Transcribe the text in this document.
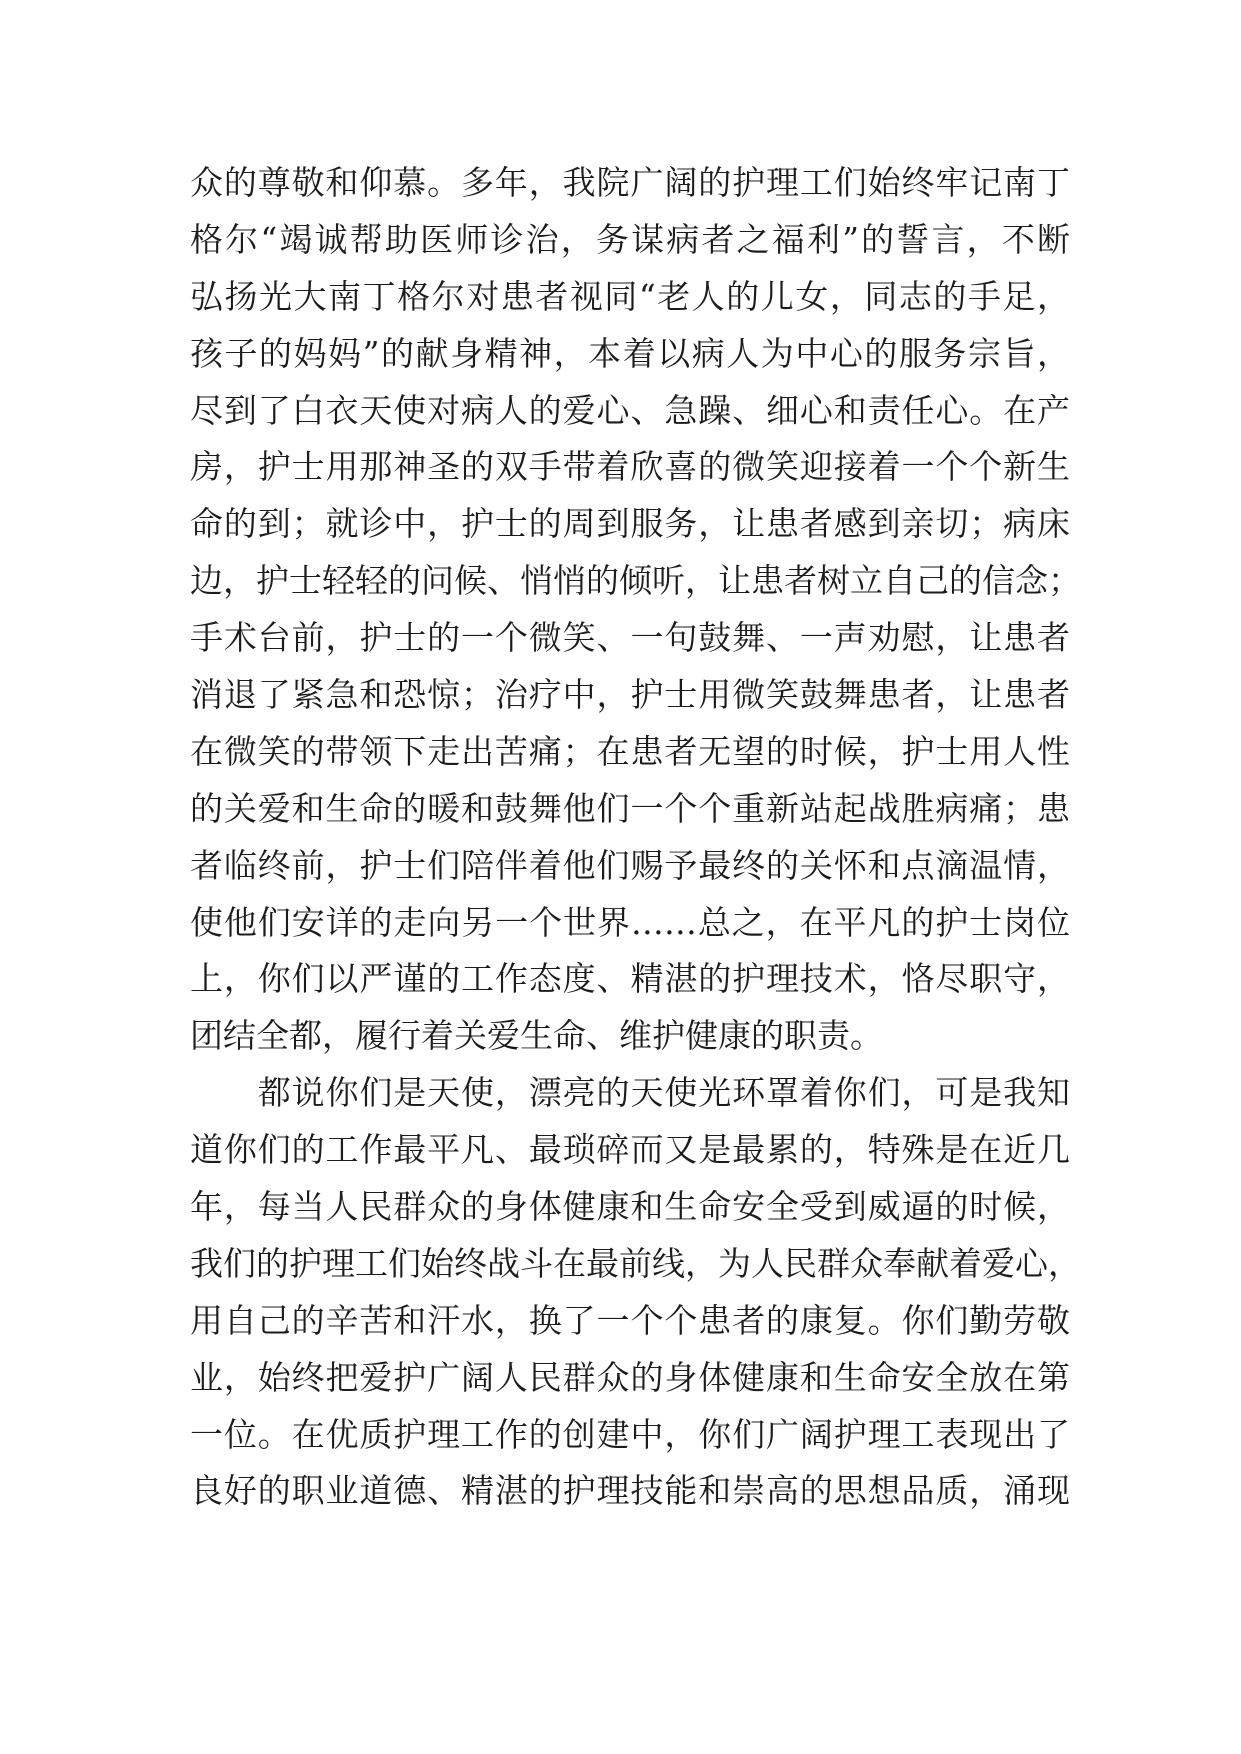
众的尊敬和仰慕。多年，我院广阔的护理工们始终牢记南丁
格尔“竭诚帮助医师诊治，务谋病者之福利”的誓言，不断
弘扬光大南丁格尔对患者视同“老人的儿女，同志的手足，
孩子的妈妈”的献身精神，本着以病人为中心的服务宗旨，
尽到了白衣天使对病人的爱心、急躁、细心和责任心。在产
房，护士用那神圣的双手带着欣喜的微笑迎接着一个个新生
命的到；就诊中，护士的周到服务，让患者感到亲切；病床
边，护士轻轻的问候、悄悄的倾听，让患者树立自己的信念；
手术台前，护士的一个微笑、一句鼓舞、一声劝慰，让患者
消退了紧急和恐惊；治疗中，护士用微笑鼓舞患者，让患者
在微笑的带领下走出苦痛；在患者无望的时候，护士用人性
的关爱和生命的暖和鼓舞他们一个个重新站起战胜病痛；患
者临终前，护士们陪伴着他们赐予最终的关怀和点滴温情，
使他们安详的走向另一个世界……总之，在平凡的护士岗位
上，你们以严谨的工作态度、精湛的护理技术，恪尽职守，
团结全都，履行着关爱生命、维护健康的职责。
　　都说你们是天使，漂亮的天使光环罩着你们，可是我知
道你们的工作最平凡、最琐碎而又是最累的，特殊是在近几
年，每当人民群众的身体健康和生命安全受到威逼的时候，
我们的护理工们始终战斗在最前线，为人民群众奉献着爱心，
用自己的辛苦和汗水，换了一个个患者的康复。你们勤劳敬
业，始终把爱护广阔人民群众的身体健康和生命安全放在第
一位。在优质护理工作的创建中，你们广阔护理工表现出了
良好的职业道德、精湛的护理技能和崇高的思想品质，涌现
